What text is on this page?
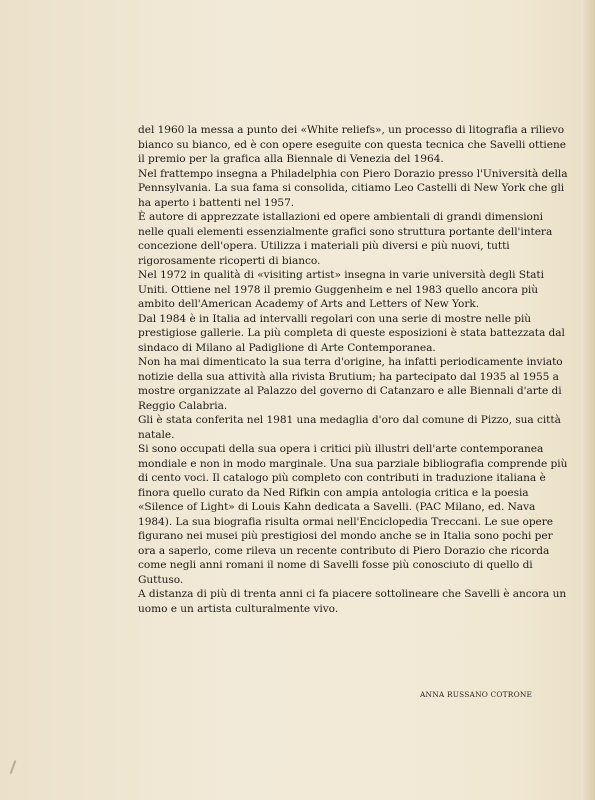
del 1960 la messa a punto dei «White reliefs», un processo di litografia a rilievo bianco su bianco, ed è con opere eseguite con questa tecnica che Savelli ottiene il premio per la grafica alla Biennale di Venezia del 1964.

Nel frattempo insegna a Philadelphia con Piero Dorazio presso l'Università della Pennsylvania. La sua fama si consolida, citiamo Leo Castelli di New York che gli ha aperto i battenti nel 1957.

È autore di apprezzate istallazioni ed opere ambientali di grandi dimensioni nelle quali elementi essenzialmente grafici sono struttura portante dell'intera concezione dell'opera. Utilizza i materiali più diversi e più nuovi, tutti rigorosamente ricoperti di bianco.

Nel 1972 in qualità di «visiting artist» insegna in varie università degli Stati Uniti. Ottiene nel 1978 il premio Guggenheim e nel 1983 quello ancora più ambito dell'American Academy of Arts and Letters of New York.

Dal 1984 è in Italia ad intervalli regolari con una serie di mostre nelle più prestigiose gallerie. La più completa di queste esposizioni è stata battezzata dal sindaco di Milano al Padiglione di Arte Contemporanea.

Non ha mai dimenticato la sua terra d'origine, ha infatti periodicamente inviato notizie della sua attività alla rivista Brutium; ha partecipato dal 1935 al 1955 a mostre organizzate al Palazzo del governo di Catanzaro e alle Biennali d'arte di Reggio Calabria.

Gli è stata conferita nel 1981 una medaglia d'oro dal comune di Pizzo, sua città natale.

Si sono occupati della sua opera i critici più illustri dell'arte contemporanea mondiale e non in modo marginale. Una sua parziale bibliografia comprende più di cento voci. Il catalogo più completo con contributi in traduzione italiana è finora quello curato da Ned Rifkin con ampia antologia critica e la poesia «Silence of Light» di Louis Kahn dedicata a Savelli. (PAC Milano, ed. Nava 1984). La sua biografia risulta ormai nell'Enciclopedia Treccani. Le sue opere figurano nei musei più prestigiosi del mondo anche se in Italia sono pochi per ora a saperlo, come rileva un recente contributo di Piero Dorazio che ricorda come negli anni romani il nome di Savelli fosse più conosciuto di quello di Guttuso.

A distanza di più di trenta anni ci fa piacere sottolineare che Savelli è ancora un uomo e un artista culturalmente vivo.

ANNA RUSSANO COTRONE
